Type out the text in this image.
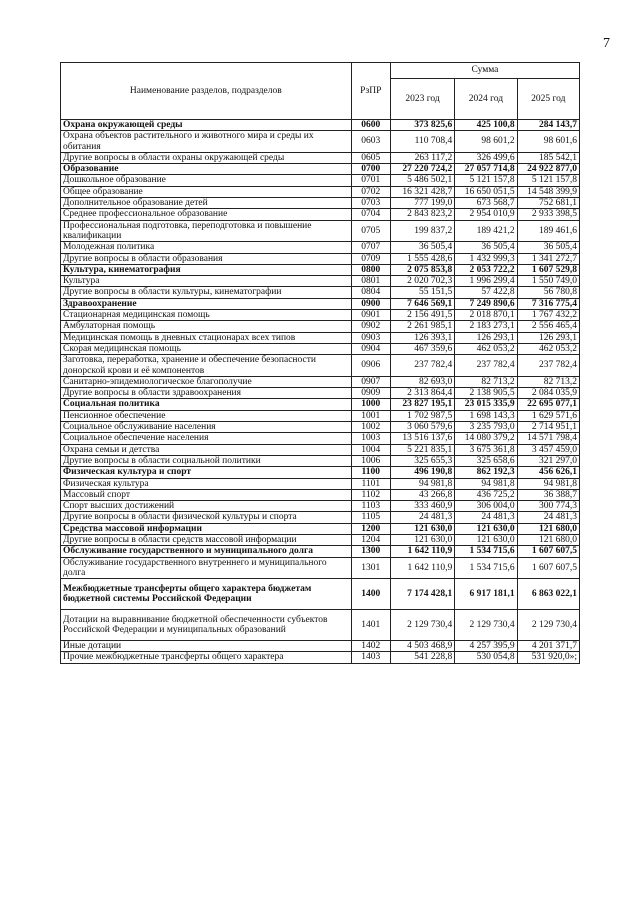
7
Наименование разделов, подразделов	РзПР	Сумма		
		2023 год	2024 год	2025 год
Охрана окружающей среды	0600	373 825,6	425 100,8	284 143,7
Охрана объектов растительного и животного мира и среды их обитания	0603	110 708,4	98 601,2	98 601,6
Другие вопросы в области охраны окружающей среды	0605	263 117,2	326 499,6	185 542,1
Образование	0700	27 220 724,2	27 057 714,8	24 922 877,0
Дошкольное образование	0701	5 486 502,1	5 121 157,8	5 121 157,8
Общее образование	0702	16 321 428,7	16 650 051,5	14 548 399,9
Дополнительное образование детей	0703	777 199,0	673 568,7	752 681,1
Среднее профессиональное образование	0704	2 843 823,2	2 954 010,9	2 933 398,5
Профессиональная подготовка, переподготовка и повышение квалификации	0705	199 837,2	189 421,2	189 461,6
Молодежная политика	0707	36 505,4	36 505,4	36 505,4
Другие вопросы в области образования	0709	1 555 428,6	1 432 999,3	1 341 272,7
Культура, кинематография	0800	2 075 853,8	2 053 722,2	1 607 529,8
Культура	0801	2 020 702,3	1 996 299,4	1 550 749,0
Другие вопросы в области культуры, кинематографии	0804	55 151,5	57 422,8	56 780,8
Здравоохранение	0900	7 646 569,1	7 249 890,6	7 316 775,4
Стационарная медицинская помощь	0901	2 156 491,5	2 018 870,1	1 767 432,2
Амбулаторная помощь	0902	2 261 985,1	2 183 273,1	2 556 465,4
Медицинская помощь в дневных стационарах всех типов	0903	126 393,1	126 293,1	126 293,1
Скорая медицинская помощь	0904	467 359,6	462 053,2	462 053,2
Заготовка, переработка, хранение и обеспечение безопасности донорской крови и её компонентов	0906	237 782,4	237 782,4	237 782,4
Санитарно-эпидемиологическое благополучие	0907	82 693,0	82 713,2	82 713,2
Другие вопросы в области здравоохранения	0909	2 313 864,4	2 138 905,5	2 084 035,9
Социальная политика	1000	23 827 195,1	23 015 335,9	22 695 077,1
Пенсионное обеспечение	1001	1 702 987,5	1 698 143,3	1 629 571,6
Социальное обслуживание населения	1002	3 060 579,6	3 235 793,0	2 714 951,1
Социальное обеспечение населения	1003	13 516 137,6	14 080 379,2	14 571 798,4
Охрана семьи и детства	1004	5 221 835,1	3 675 361,8	3 457 459,0
Другие вопросы в области социальной политики	1006	325 655,3	325 658,6	321 297,0
Физическая культура и спорт	1100	496 190,8	862 192,3	456 626,1
Физическая культура	1101	94 981,8	94 981,8	94 981,8
Массовый спорт	1102	43 266,8	436 725,2	36 388,7
Спорт высших достижений	1103	333 460,9	306 004,0	300 774,3
Другие вопросы в области физической культуры и спорта	1105	24 481,3	24 481,3	24 481,3
Средства массовой информации	1200	121 630,0	121 630,0	121 680,0
Другие вопросы в области средств массовой информации	1204	121 630,0	121 630,0	121 680,0
Обслуживание государственного и муниципального долга	1300	1 642 110,9	1 534 715,6	1 607 607,5
Обслуживание государственного внутреннего и муниципального долга	1301	1 642 110,9	1 534 715,6	1 607 607,5
Межбюджетные трансферты общего характера бюджетам бюджетной системы Российской Федерации	1400	7 174 428,1	6 917 181,1	6 863 022,1
Дотации на выравнивание бюджетной обеспеченности субъектов Российской Федерации и муниципальных образований	1401	2 129 730,4	2 129 730,4	2 129 730,4
Иные дотации	1402	4 503 468,9	4 257 395,9	4 201 371,7
Прочие межбюджетные трансферты общего характера	1403	541 228,8	530 054,8	531 920,0»;
